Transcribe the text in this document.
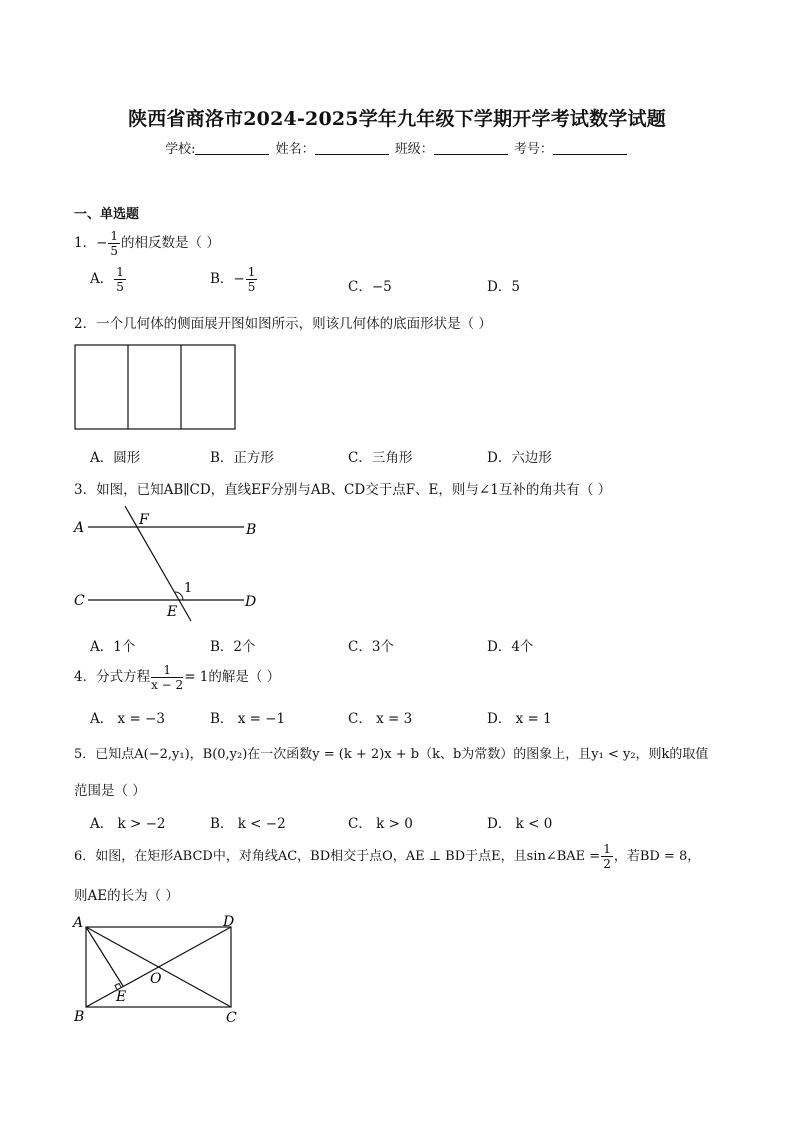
陕西省商洛市2024-2025学年九年级下学期开学考试数学试题
学校:	姓名：	班级：	考号：
一、单选题
1．− $\frac{1}{5}$ 的相反数是（ ）
A． $\frac{1}{5}$	B．− $\frac{1}{5}$	C．−5	D．5
2．一个几何体的侧面展开图如图所示，则该几何体的底面形状是（ ）
A．圆形	B．正方形	C．三角形	D．六边形
3．如图，已知AB∥CD，直线EF分别与AB、CD交于点F、E，则与∠1互补的角共有（ ）
A	B
C	D
F
E
1
A．1个	B．2个	C．3个	D．4个
4．分式方程 $\frac{1}{x - 2} = 1$的解是（ ）
A． x = −3	B． x = −1	C． x = 3	D． x = 1
5．已知点A(−2,y₁)，B(0,y₂)在一次函数y = (k + 2)x + b（k、b为常数）的图象上，且y₁ < y₂，则k的取值
范围是（ ）
A． k > −2	B． k < −2	C． k > 0	D． k < 0
6．如图，在矩形ABCD中，对角线AC，BD相交于点O，AE ⊥ BD于点E，且sin∠BAE = $\frac{1}{2}$ ，若BD = 8，
则AE的长为（ ）
A	D
B	C
O
E
